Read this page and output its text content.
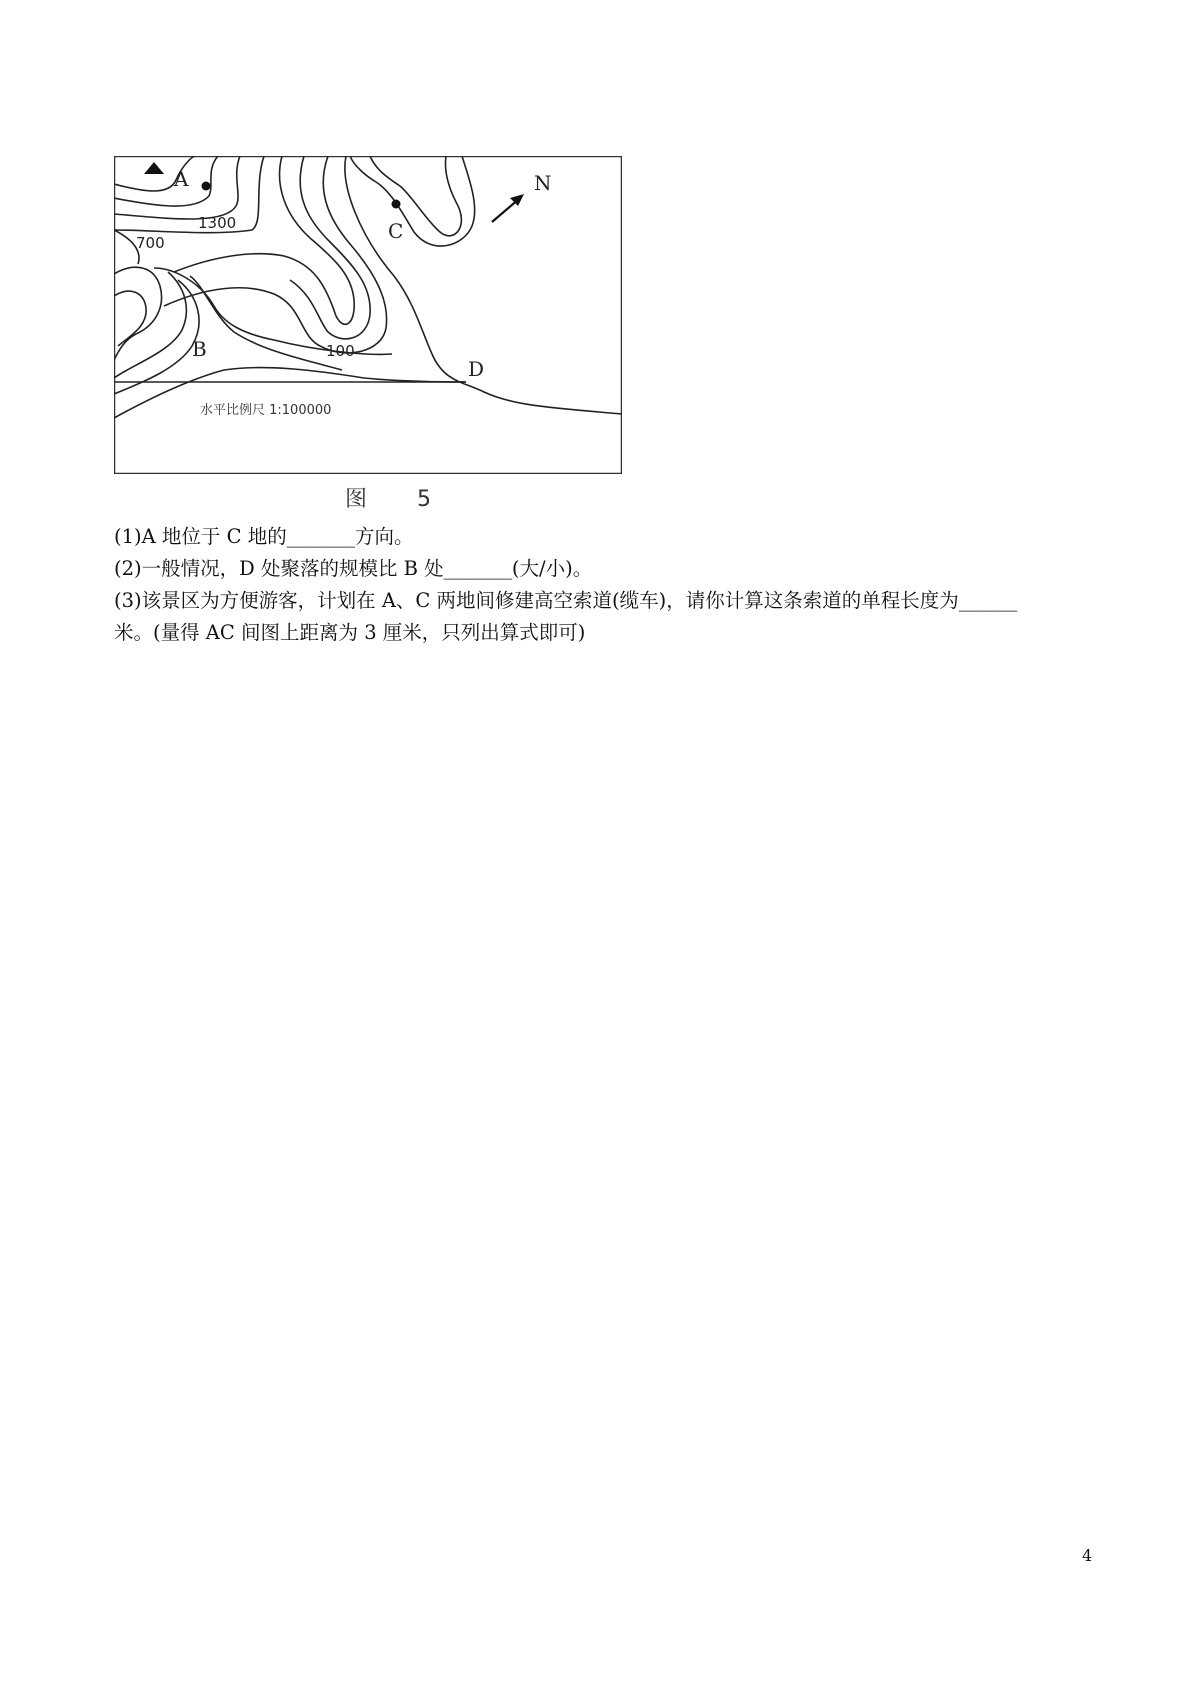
A
C
B
D
N
1300
700
100
水平比例尺 1:100000
图　5
(1)A 地位于 C 地的_______方向。
(2)一般情况，D 处聚落的规模比 B 处_______(大/小)。
(3)该景区为方便游客，计划在 A、C 两地间修建高空索道(缆车)，请你计算这条索道的单程长度为______
米。(量得 AC 间图上距离为 3 厘米，只列出算式即可)
4
